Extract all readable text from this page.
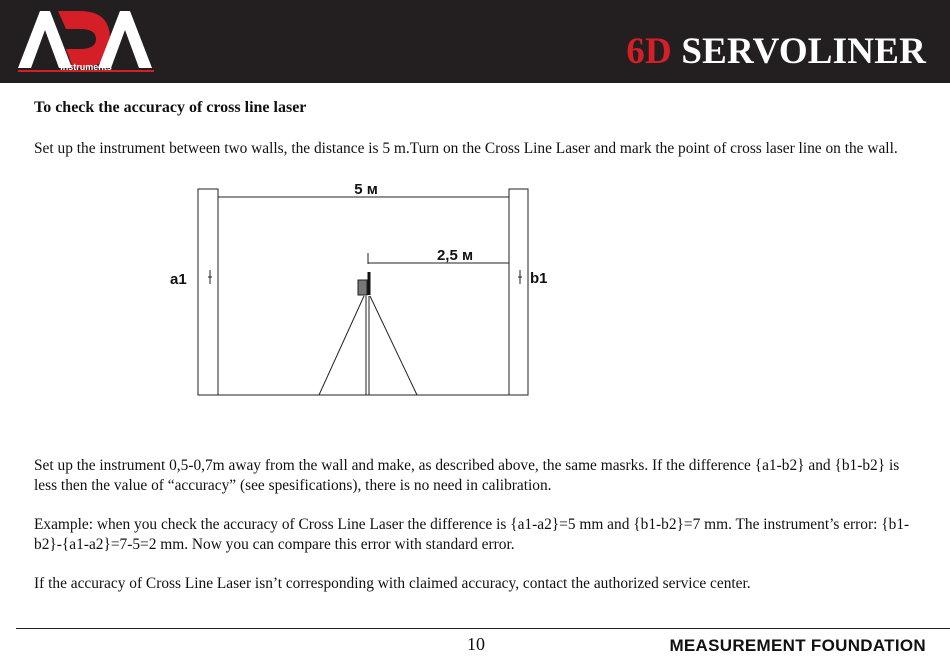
instruments	6D SERVOLINER
To check the accuracy of cross line laser
Set up the instrument between two walls, the distance is 5 m.Turn on the Cross Line Laser and mark the point of cross laser line on the wall.
5 м
2,5 м
a1	b1
Set up the instrument 0,5-0,7m away from the wall and make, as described above, the same masrks. If the difference {a1-b2} and {b1-b2} is less then the value of “accuracy” (see spesifications), there is no need in calibration.
Example: when you check the accuracy of Cross Line Laser the difference is {a1-a2}=5 mm and {b1-b2}=7 mm. The instrument’s error: {b1-b2}-{a1-a2}=7-5=2 mm. Now you can compare this error with standard error.
If the accuracy of Cross Line Laser isn’t corresponding with claimed accuracy, contact the authorized service center.
10	MEASUREMENT FOUNDATION
